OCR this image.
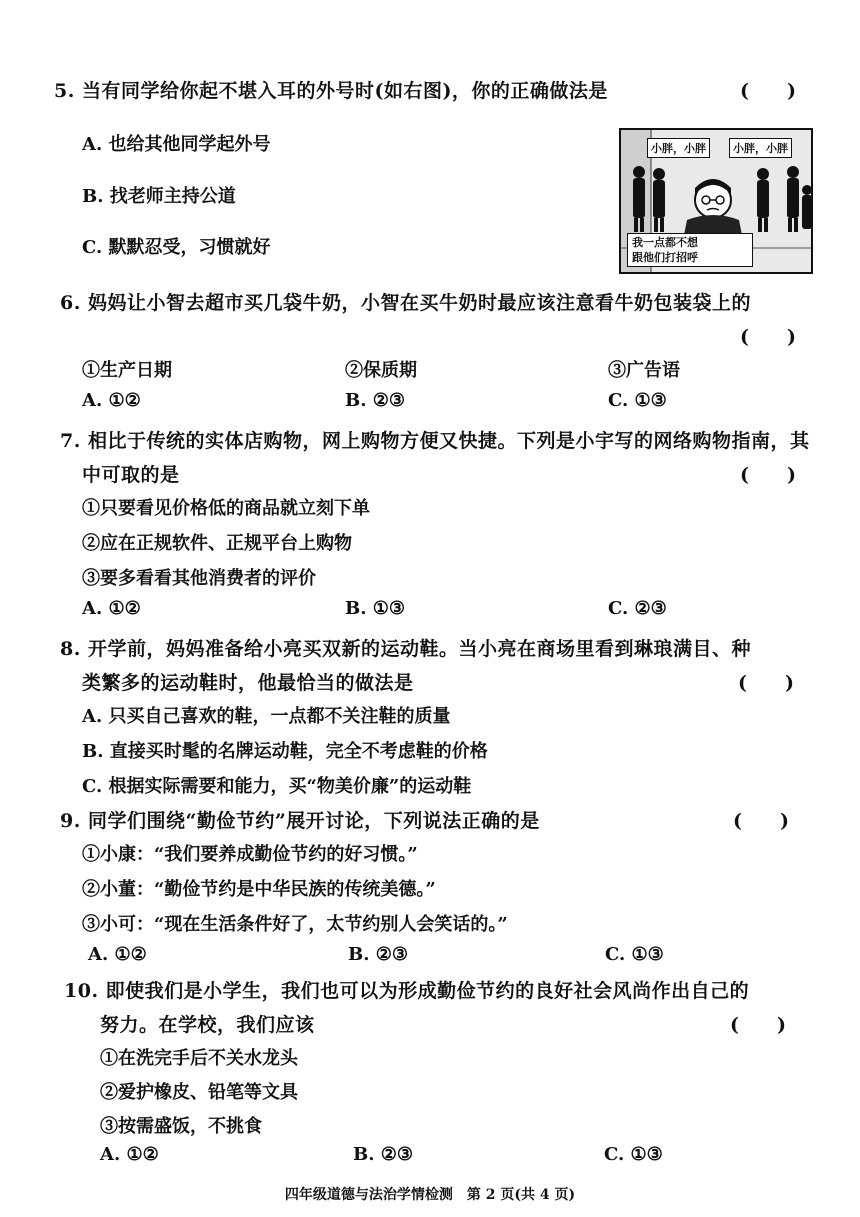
5. 当有同学给你起不堪入耳的外号时(如右图)，你的正确做法是	(　　)
A. 也给其他同学起外号
B. 找老师主持公道
C. 默默忍受，习惯就好
小胖，小胖	小胖，小胖
我一点都不想
跟他们打招呼
6. 妈妈让小智去超市买几袋牛奶，小智在买牛奶时最应该注意看牛奶包装袋上的
(　　)
①生产日期	②保质期	③广告语
A. ①②	B. ②③	C. ①③
7. 相比于传统的实体店购物，网上购物方便又快捷。下列是小宇写的网络购物指南，其
中可取的是	(　　)
①只要看见价格低的商品就立刻下单
②应在正规软件、正规平台上购物
③要多看看其他消费者的评价
A. ①②	B. ①③	C. ②③
8. 开学前，妈妈准备给小亮买双新的运动鞋。当小亮在商场里看到琳琅满目、种
类繁多的运动鞋时，他最恰当的做法是	(　　)
A. 只买自己喜欢的鞋，一点都不关注鞋的质量
B. 直接买时髦的名牌运动鞋，完全不考虑鞋的价格
C. 根据实际需要和能力，买“物美价廉”的运动鞋
9. 同学们围绕“勤俭节约”展开讨论，下列说法正确的是	(　　)
①小康：“我们要养成勤俭节约的好习惯。”
②小董：“勤俭节约是中华民族的传统美德。”
③小可：“现在生活条件好了，太节约别人会笑话的。”
A. ①②	B. ②③	C. ①③
10. 即使我们是小学生，我们也可以为形成勤俭节约的良好社会风尚作出自己的
努力。在学校，我们应该	(　　)
①在洗完手后不关水龙头
②爱护橡皮、铅笔等文具
③按需盛饭，不挑食
A. ①②	B. ②③	C. ①③
四年级道德与法治学情检测　第 2 页(共 4 页)
